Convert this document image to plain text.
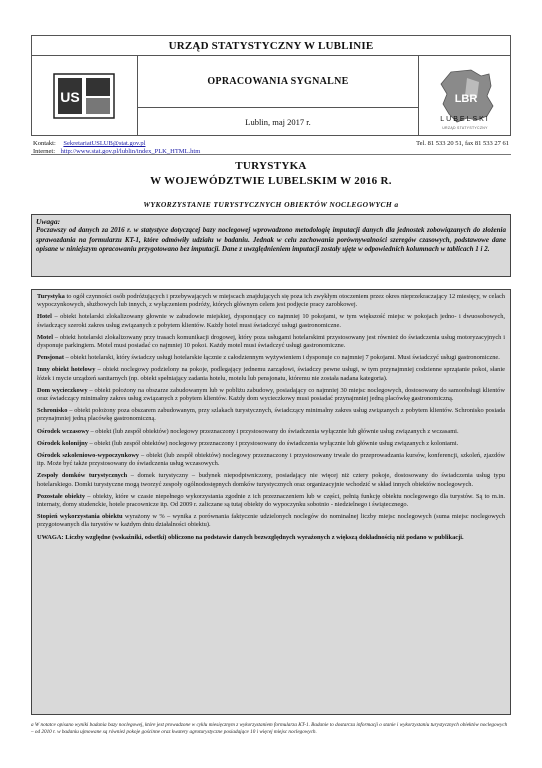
URZĄD STATYSTYCZNY W LUBLINIE
US
OPRACOWANIA SYGNALNE
Lublin, maj 2017 r.
LBR
LUBELSKI
URZĄD STATYSTYCZNY
Kontakt: SekretariatUSLUB@stat.gov.pl	Tel. 81 533 20 51, fax 81 533 27 61
Internet: http://www.stat.gov.pl/lublin/index_PLK_HTML.htm
TURYSTYKA
W WOJEWÓDZTWIE LUBELSKIM W 2016 R.
WYKORZYSTANIE TURYSTYCZNYCH OBIEKTÓW NOCLEGOWYCH a
Uwaga:
Poczawszy od danych za 2016 r. w statystyce dotyczącej bazy noclegowej wprowadzono metodologię imputacji danych dla jednostek zobowiązanych do złożenia sprawozdania na formularzu KT-1, które odmówiły udziału w badaniu. Jednak w celu zachowania porównywalności szeregów czasowych, podstawowe dane opisane w niniejszym opracowaniu przygotowano bez imputacji. Dane z uwzględnieniem imputacji zostały ujęte w odpowiednich kolumnach w tablicach 1 i 2.
Turystyka to ogół czynności osób podróżujących i przebywających w miejscach znajdujących się poza ich zwykłym otoczeniem przez okres nieprzekraczający 12 miesięcy, w celach wypoczynkowych, służbowych lub innych, z wyłączeniem podróży, których głównym celem jest podjęcie pracy zarobkowej.
Hotel – obiekt hotelarski zlokalizowany głownie w zabudowie miejskiej, dysponujący co najmniej 10 pokojami, w tym większość miejsc w pokojach jedno- i dwuosobowych, świadczący szeroki zakres usług związanych z pobytem klientów. Każdy hotel musi świadczyć usługi gastronomiczne.
Motel – obiekt hotelarski zlokalizowany przy trasach komunikacji drogowej, który poza usługami hotelarskimi przystosowany jest również do świadczenia usług motoryzacyjnych i dysponuje parkingiem. Motel musi posiadać co najmniej 10 pokoi. Każdy motel musi świadczyć usługi gastronomiczne.
Pensjonat – obiekt hotelarski, który świadczy usługi hotelarskie łącznie z całodziennym wyżywieniem i dysponuje co najmniej 7 pokojami. Musi świadczyć usługi gastronomiczne.
Inny obiekt hotelowy – obiekt noclegowy podzielony na pokoje, podlegający jednemu zarządowi, świadczy pewne usługi, w tym przynajmniej codzienne sprzątanie pokoi, słanie łóżek i mycie urządzeń sanitarnych (np. obiekt spełniający zadania hotelu, motelu lub pensjonatu, któremu nie została nadana kategoria).
Dom wycieczkowy – obiekt położony na obszarze zabudowanym lub w pobliżu zabudowy, posiadający co najmniej 30 miejsc noclegowych, dostosowany do samoobsługi klientów oraz świadczący minimalny zakres usług związanych z pobytem klientów. Każdy dom wycieczkowy musi posiadać przynajmniej jedną placówkę gastronomiczną.
Schronisko – obiekt położony poza obszarem zabudowanym, przy szlakach turystycznych, świadczący minimalny zakres usług związanych z pobytem klientów. Schronisko posiada przynajmniej jedną placówkę gastronomiczną.
Ośrodek wczasowy – obiekt (lub zespół obiektów) noclegowy przeznaczony i przystosowany do świadczenia wyłącznie lub głównie usług związanych z wczasami.
Ośrodek kolonijny – obiekt (lub zespół obiektów) noclegowy przeznaczony i przystosowany do świadczenia wyłącznie lub głównie usług związanych z koloniami.
Ośrodek szkoleniowo-wypoczynkowy – obiekt (lub zespół obiektów) noclegowy przeznaczony i przystosowany trwale do przeprowadzania kursów, konferencji, szkoleń, zjazdów itp. Może być także przystosowany do świadczenia usług wczasowych.
Zespoły domków turystycznych – domek turystyczny – budynek niepodpiwniczony, posiadający nie więcej niż cztery pokoje, dostosowany do świadczenia usług typu hotelarskiego. Domki turystyczne mogą tworzyć zespoły ogólnodostępnych domków turystycznych oraz organizacyjnie wchodzić w skład innych obiektów noclegowych.
Pozostałe obiekty – obiekty, które w czasie niepełnego wykorzystania zgodnie z ich przeznaczeniem lub w części, pełnią funkcję obiektu noclegowego dla turystów. Są to m.in. internaty, domy studenckie, hotele pracownicze itp. Od 2009 r. zaliczane są tutaj obiekty do wypoczynku sobotnio - niedzielnego i świątecznego.
Stopień wykorzystania obiektu wyrażony w % – wynika z porównania faktycznie udzielonych noclegów do nominalnej liczby miejsc noclegowych (suma miejsc noclegowych przygotowanych dla turystów w każdym dniu działalności obiektu).
UWAGA: Liczby względne (wskaźniki, odsetki) obliczono na podstawie danych bezwzględnych wyrażonych z większą dokładnością niż podano w publikacji.
a W notatce opisano wyniki badania bazy noclegowej, które jest prowadzone w cyklu miesięcznym z wykorzystaniem formularza KT-1. Badanie to dostarcza informacji o stanie i wykorzystaniu turystycznych obiektów noclegowych – od 2010 r. w badaniu ujmowane są również pokoje gościnne oraz kwatery agroturystyczne posiadające 10 i więcej miejsc noclegowych.
